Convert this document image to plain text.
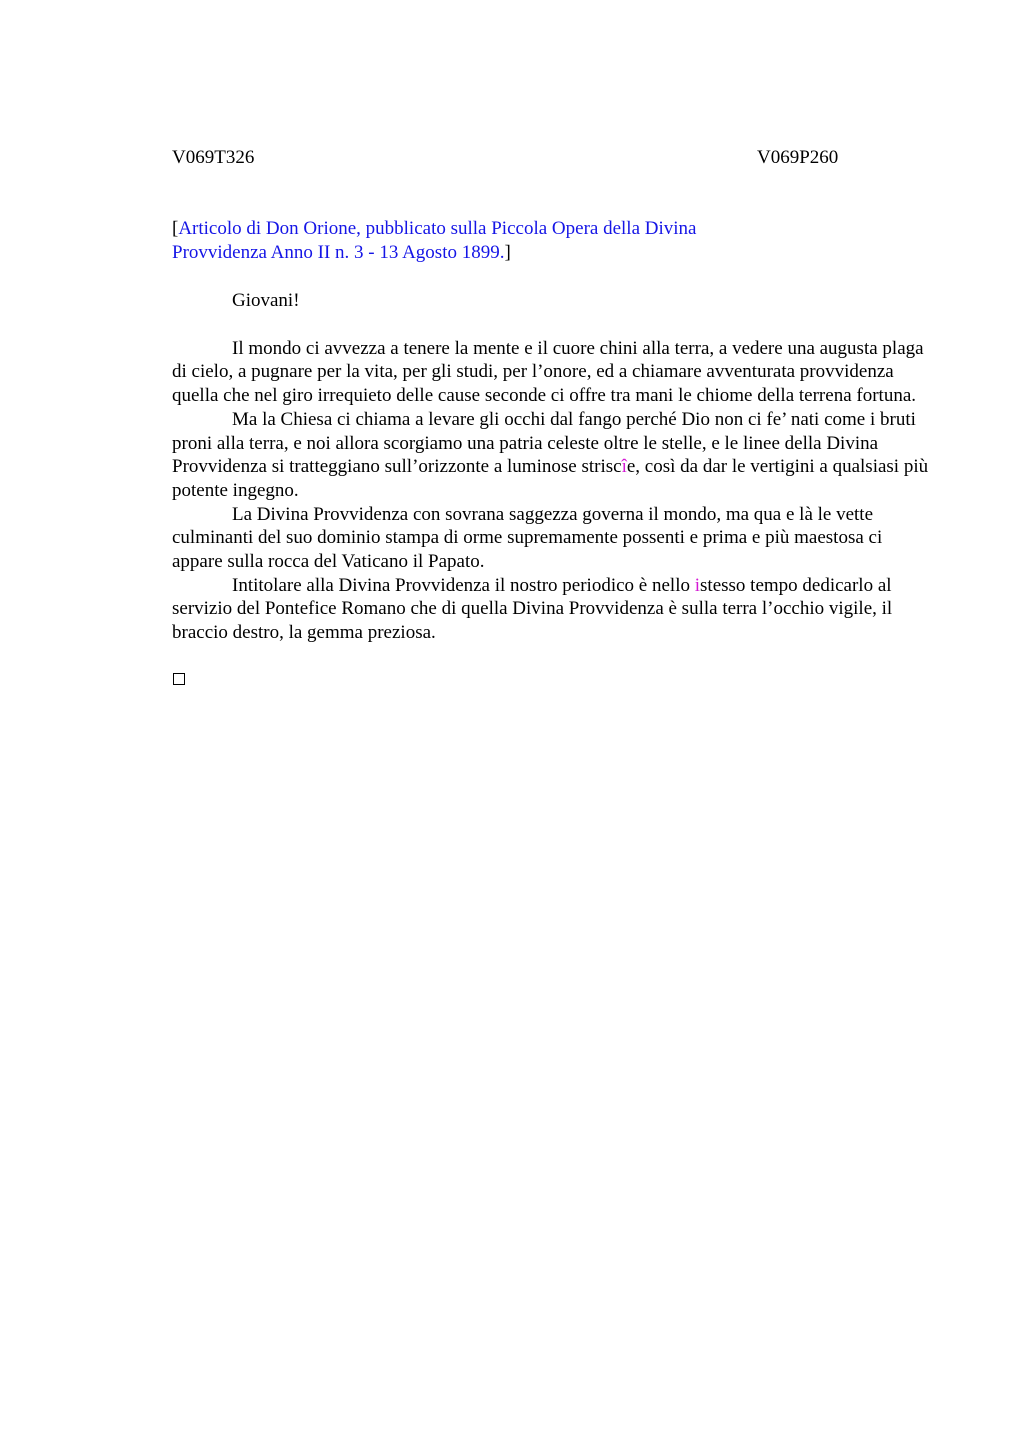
V069T326	V069P260
[Articolo di Don Orione, pubblicato sulla Piccola Opera della Divina Provvidenza Anno II n. 3 - 13 Agosto 1899.]

Giovani!

Il mondo ci avvezza a tenere la mente e il cuore chini alla terra, a vedere una augusta plaga di cielo, a pugnare per la vita, per gli studi, per l’onore, ed a chiamare avventurata provvidenza quella che nel giro irrequieto delle cause seconde ci offre tra mani le chiome della terrena fortuna.

Ma la Chiesa ci chiama a levare gli occhi dal fango perché Dio non ci fe’ nati come i bruti proni alla terra, e noi allora scorgiamo una patria celeste oltre le stelle, e le linee della Divina Provvidenza si tratteggiano sull’orizzonte a luminose striscîe, così da dar le vertigini a qualsiasi più potente ingegno.

La Divina Provvidenza con sovrana saggezza governa il mondo, ma qua e là le vette culminanti del suo dominio stampa di orme supremamente possenti e prima e più maestosa ci appare sulla rocca del Vaticano il Papato.

Intitolare alla Divina Provvidenza il nostro periodico è nello istesso tempo dedicarlo al servizio del Pontefice Romano che di quella Divina Provvidenza è sulla terra l’occhio vigile, il braccio destro, la gemma preziosa.
